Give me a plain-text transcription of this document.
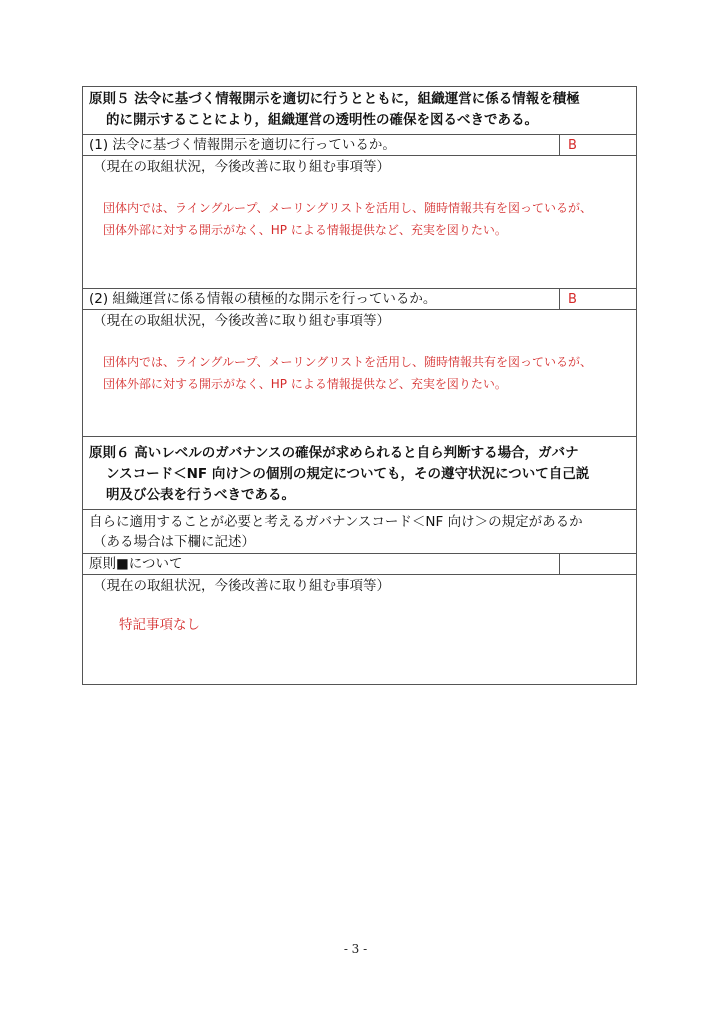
原則５ 法令に基づく情報開示を適切に行うとともに，組織運営に係る情報を積極
的に開示することにより，組織運営の透明性の確保を図るべきである。
(1) 法令に基づく情報開示を適切に行っているか。	B
（現在の取組状況，今後改善に取り組む事項等）
団体内では、ライングループ、メーリングリストを活用し、随時情報共有を図っているが、
団体外部に対する開示がなく、HP による情報提供など、充実を図りたい。
(2) 組織運営に係る情報の積極的な開示を行っているか。	B
（現在の取組状況，今後改善に取り組む事項等）
団体内では、ライングループ、メーリングリストを活用し、随時情報共有を図っているが、
団体外部に対する開示がなく、HP による情報提供など、充実を図りたい。
原則６ 高いレベルのガバナンスの確保が求められると自ら判断する場合，ガバナ
ンスコード＜NF 向け＞の個別の規定についても，その遵守状況について自己説
明及び公表を行うべきである。
自らに適用することが必要と考えるガバナンスコード＜NF 向け＞の規定があるか
（ある場合は下欄に記述）
原則■について
（現在の取組状況，今後改善に取り組む事項等）
特記事項なし
- 3 -
